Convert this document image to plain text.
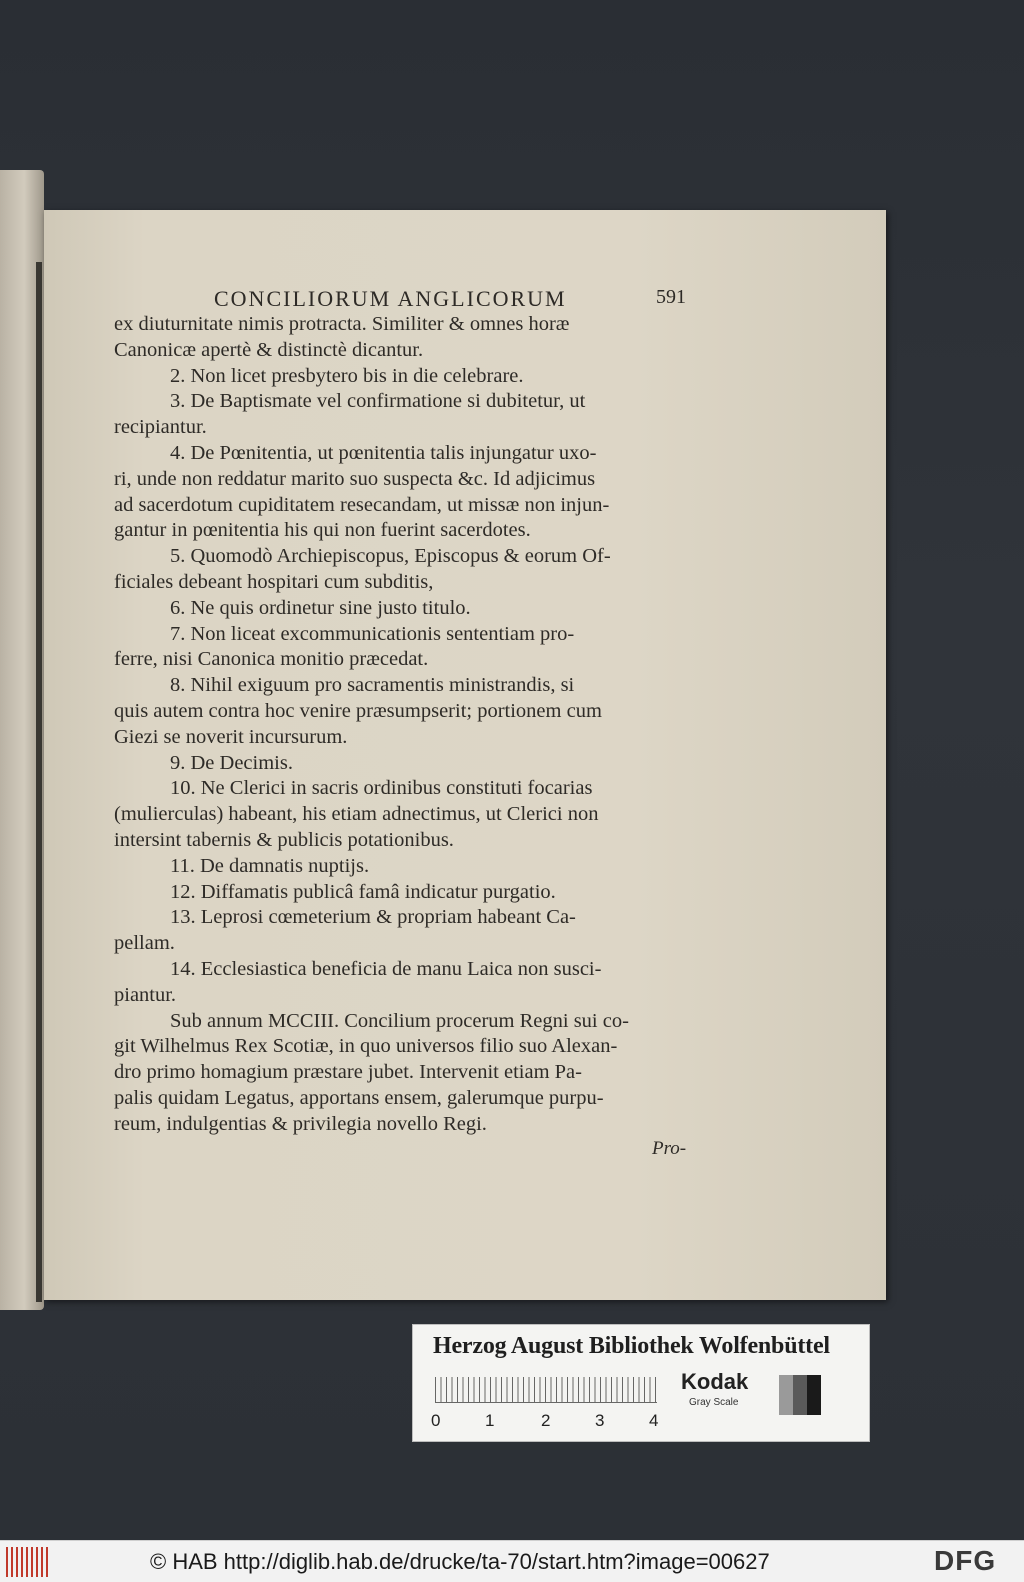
CONCILIORUM ANGLICORUM	591
ex diuturnitate nimis protracta. Similiter & omnes horæ
Canonicæ apertè & distinctè dicantur.
2. Non licet presbytero bis in die celebrare.
3. De Baptismate vel confirmatione si dubitetur, ut
recipiantur.
4. De Pœnitentia, ut pœnitentia talis injungatur uxo-
ri, unde non reddatur marito suo suspecta &c. Id adjicimus
ad sacerdotum cupiditatem resecandam, ut missæ non injun-
gantur in pœnitentia his qui non fuerint sacerdotes.
5. Quomodò Archiepiscopus, Episcopus & eorum Of-
ficiales debeant hospitari cum subditis,
6. Ne quis ordinetur sine justo titulo.
7. Non liceat excommunicationis sententiam pro-
ferre, nisi Canonica monitio præcedat.
8. Nihil exiguum pro sacramentis ministrandis, si
quis autem contra hoc venire præsumpserit; portionem cum
Giezi se noverit incursurum.
9. De Decimis.
10. Ne Clerici in sacris ordinibus constituti focarias
(mulierculas) habeant, his etiam adnectimus, ut Clerici non
intersint tabernis & publicis potationibus.
11. De damnatis nuptijs.
12. Diffamatis publicâ famâ indicatur purgatio.
13. Leprosi cœmeterium & propriam habeant Ca-
pellam.
14. Ecclesiastica beneficia de manu Laica non susci-
piantur.
Sub annum MCCIII. Concilium procerum Regni sui co-
git Wilhelmus Rex Scotiæ, in quo universos filio suo Alexan-
dro primo homagium præstare jubet. Intervenit etiam Pa-
palis quidam Legatus, apportans ensem, galerumque purpu-
reum, indulgentias & privilegia novello Regi.
Pro-
Herzog August Bibliothek Wolfenbüttel
0	1	2	3	4
Kodak
Gray Scale
© HAB http://diglib.hab.de/drucke/ta-70/start.htm?image=00627	DFG
